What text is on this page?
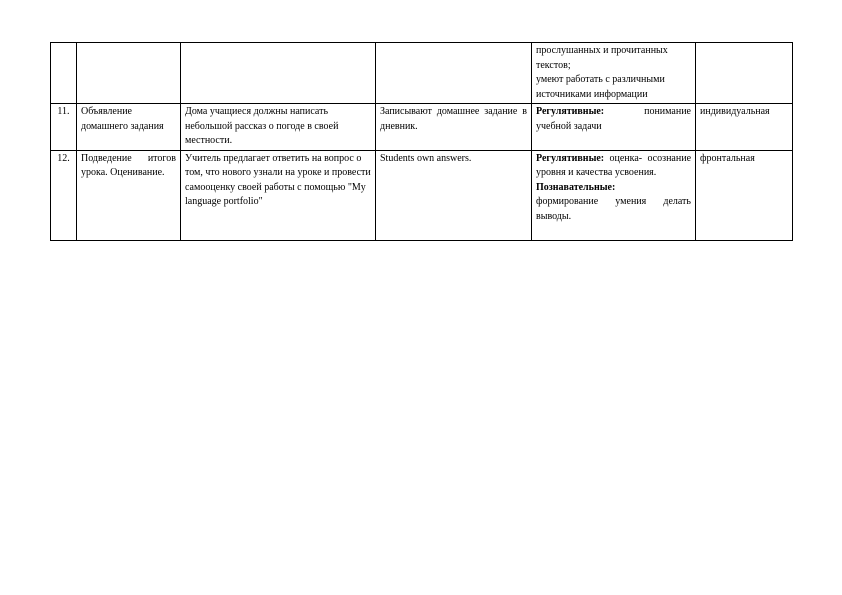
				прослушанных и прочитанных
текстов;
умеют работать с различными
источниками информации	

11.	Объявление домашнего задания	Дома учащиеся должны написать небольшой рассказ о погоде в своей местности.	Записывают домашнее задание в дневник.	Регулятивные: понимание учебной задачи	индивидуальная
12.	Подведение итогов урока. Оценивание.	Учитель предлагает ответить на вопрос о том, что нового узнали на уроке и провести самооценку своей работы с помощью "My language portfolio"	Students own answers.	Регулятивные: оценка- осознание уровня и качества усвоения.
Познавательные:
формирование умения делать выводы.	фронтальная
